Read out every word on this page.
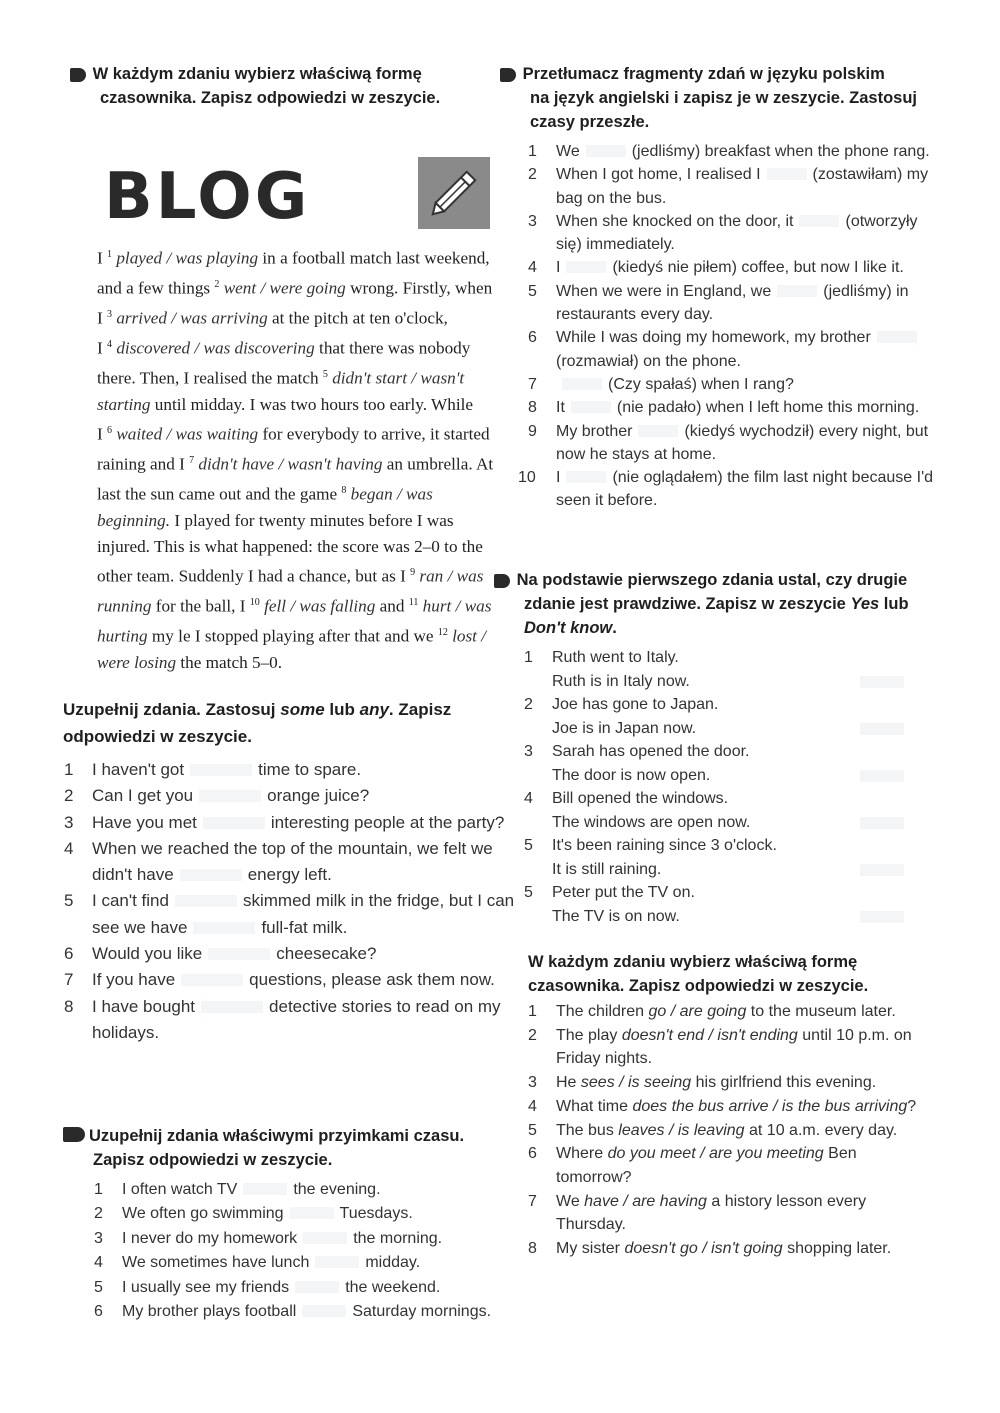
1 W każdym zdaniu wybierz właściwą formę
czasownika. Zapisz odpowiedzi w zeszycie.
BLOG
I $^1$ played / was playing in a football match last weekend, and a few things $^2$ went / were going wrong. Firstly, when I $^3$ arrived / was arriving at the pitch at ten o'clock, I $^4$ discovered / was discovering that there was nobody there. Then, I realised the match $^5$ didn't start / wasn't starting until midday. I was two hours too early. While I $^6$ waited / was waiting for everybody to arrive, it started raining and I $^7$ didn't have / wasn't having an umbrella. At last the sun came out and the game $^8$ began / was beginning. I played for twenty minutes before I was injured. This is what happened: the score was 2–0 to the other team. Suddenly I had a chance, but as I $^9$ ran / was running for the ball, I $^{10}$ fell / was falling and $^{11}$ hurt / was hurting my le I stopped playing after that and we $^{12}$ lost / were losing the match 5–0.
Uzupełnij zdania. Zastosuj some lub any. Zapisz odpowiedzi w zeszycie.
1	I haven't got	time to spare.
2	Can I get you	orange juice?
3	Have you met	interesting people at the party?
4	When we reached the top of the mountain, we felt we didn't have	energy left.
5	I can't find	skimmed milk in the fridge, but I can see we have	full-fat milk.
6	Would you like	cheesecake?
7	If you have	questions, please ask them now.
8	I have bought	detective stories to read on my holidays.
Uzupełnij zdania właściwymi przyimkami czasu.
Zapisz odpowiedzi w zeszycie.
1	I often watch TV	the evening.
2	We often go swimming	Tuesdays.
3	I never do my homework	the morning.
4	We sometimes have lunch	midday.
5	I usually see my friends	the weekend.
6	My brother plays football	Saturday mornings.
6 Przetłumacz fragmenty zdań w języku polskim
na język angielski i zapisz je w zeszycie. Zastosuj
czasy przeszłe.
1	We	(jedliśmy) breakfast when the phone rang.
2	When I got home, I realised I	(zostawiłam) my bag on the bus.
3	When she knocked on the door, it	(otworzyły się) immediately.
4	I	(kiedyś nie piłem) coffee, but now I like it.
5	When we were in England, we	(jedliśmy) in restaurants every day.
6	While I was doing my homework, my brother(rozmawiał) on the phone.
7	(Czy spałaś) when I rang?
8	It	(nie padało) when I left home this morning.
9	My brother	(kiedyś wychodził) every night, but now he stays at home.
10 I	(nie oglądałem) the film last night because I'd seen it before.
5 Na podstawie pierwszego zdania ustal, czy drugie
zdanie jest prawdziwe. Zapisz w zeszycie Yes lub
Don't know.
1	Ruth went to Italy.
Ruth is in Italy now.
2	Joe has gone to Japan.
Joe is in Japan now.
3	Sarah has opened the door.
The door is now open.
4	Bill opened the windows.
The windows are open now.
5	It's been raining since 3 o'clock.
It is still raining.
5	Peter put the TV on.
The TV is on now.
W każdym zdaniu wybierz właściwą formę
czasownika. Zapisz odpowiedzi w zeszycie.
1	The children go / are going to the museum later.
2	The play doesn't end / isn't ending until 10 p.m. on Friday nights.
3	He sees / is seeing his girlfriend this evening.
4	What time does the bus arrive / is the bus arriving?
5	The bus leaves / is leaving at 10 a.m. every day.
6	Where do you meet / are you meeting Ben tomorrow?
7	We have / are having a history lesson every Thursday.
8	My sister doesn't go / isn't going shopping later.
